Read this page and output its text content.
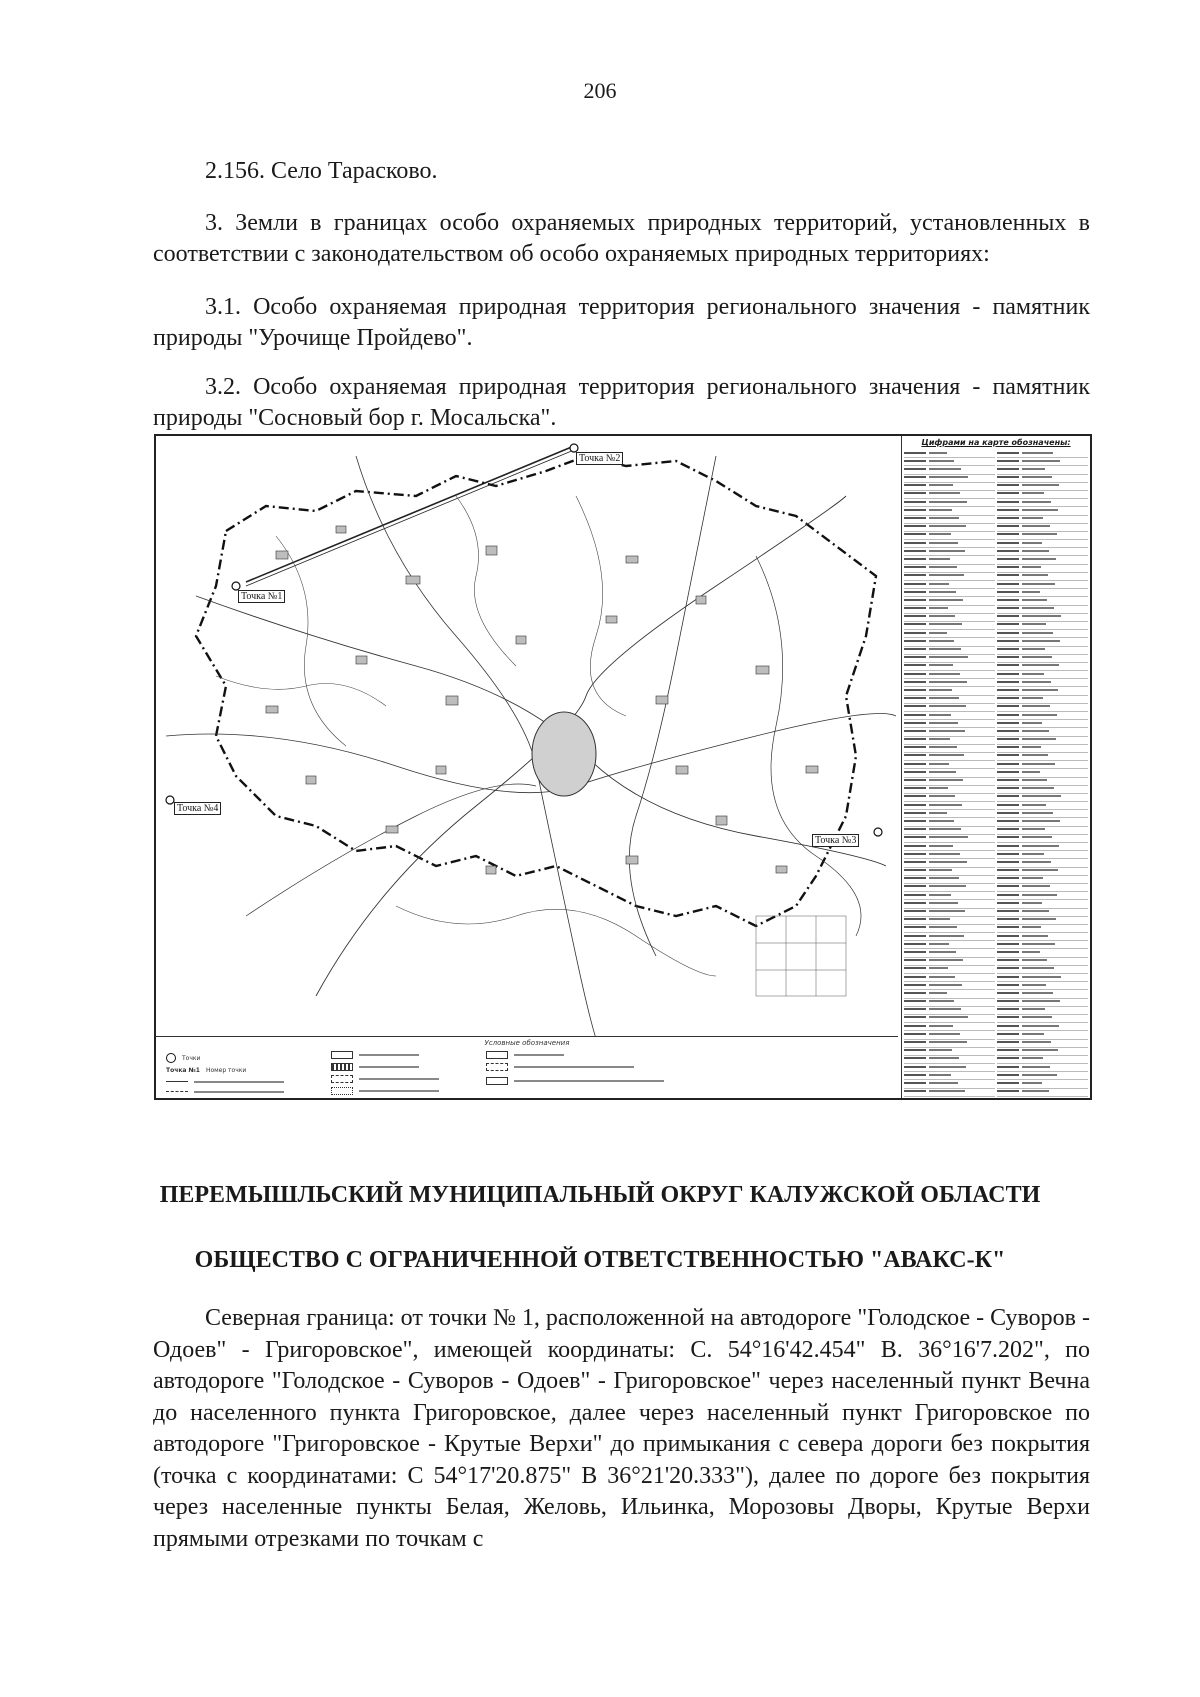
206
2.156. Село Тарасково.
3. Земли в границах особо охраняемых природных территорий, установленных в соответствии с законодательством об особо охраняемых природных территориях:
3.1. Особо охраняемая природная территория регионального значения - памятник природы "Урочище Пройдево".
3.2. Особо охраняемая природная территория регионального значения - памятник природы "Сосновый бор г. Мосальска".
Точка №1
Точка №2
Точка №3
Точка №4
Условные обозначения
Точки
Точка №1 Номер точки
Цифрами на карте обозначены:
ПЕРЕМЫШЛЬСКИЙ МУНИЦИПАЛЬНЫЙ ОКРУГ КАЛУЖСКОЙ ОБЛАСТИ
ОБЩЕСТВО С ОГРАНИЧЕННОЙ ОТВЕТСТВЕННОСТЬЮ "АВАКС-К"
Северная граница: от точки № 1, расположенной на автодороге "Голодское - Суворов - Одоев" - Григоровское", имеющей координаты: С. 54°16'42.454" В. 36°16'7.202", по автодороге "Голодское - Суворов - Одоев" - Григоровское" через населенный пункт Вечна до населенного пункта Григоровское, далее через населенный пункт Григоровское по автодороге "Григоровское - Крутые Верхи" до примыкания с севера дороги без покрытия (точка с координатами: С 54°17'20.875" В 36°21'20.333"), далее по дороге без покрытия через населенные пункты Белая, Желовь, Ильинка, Морозовы Дворы, Крутые Верхи прямыми отрезками по точкам с
